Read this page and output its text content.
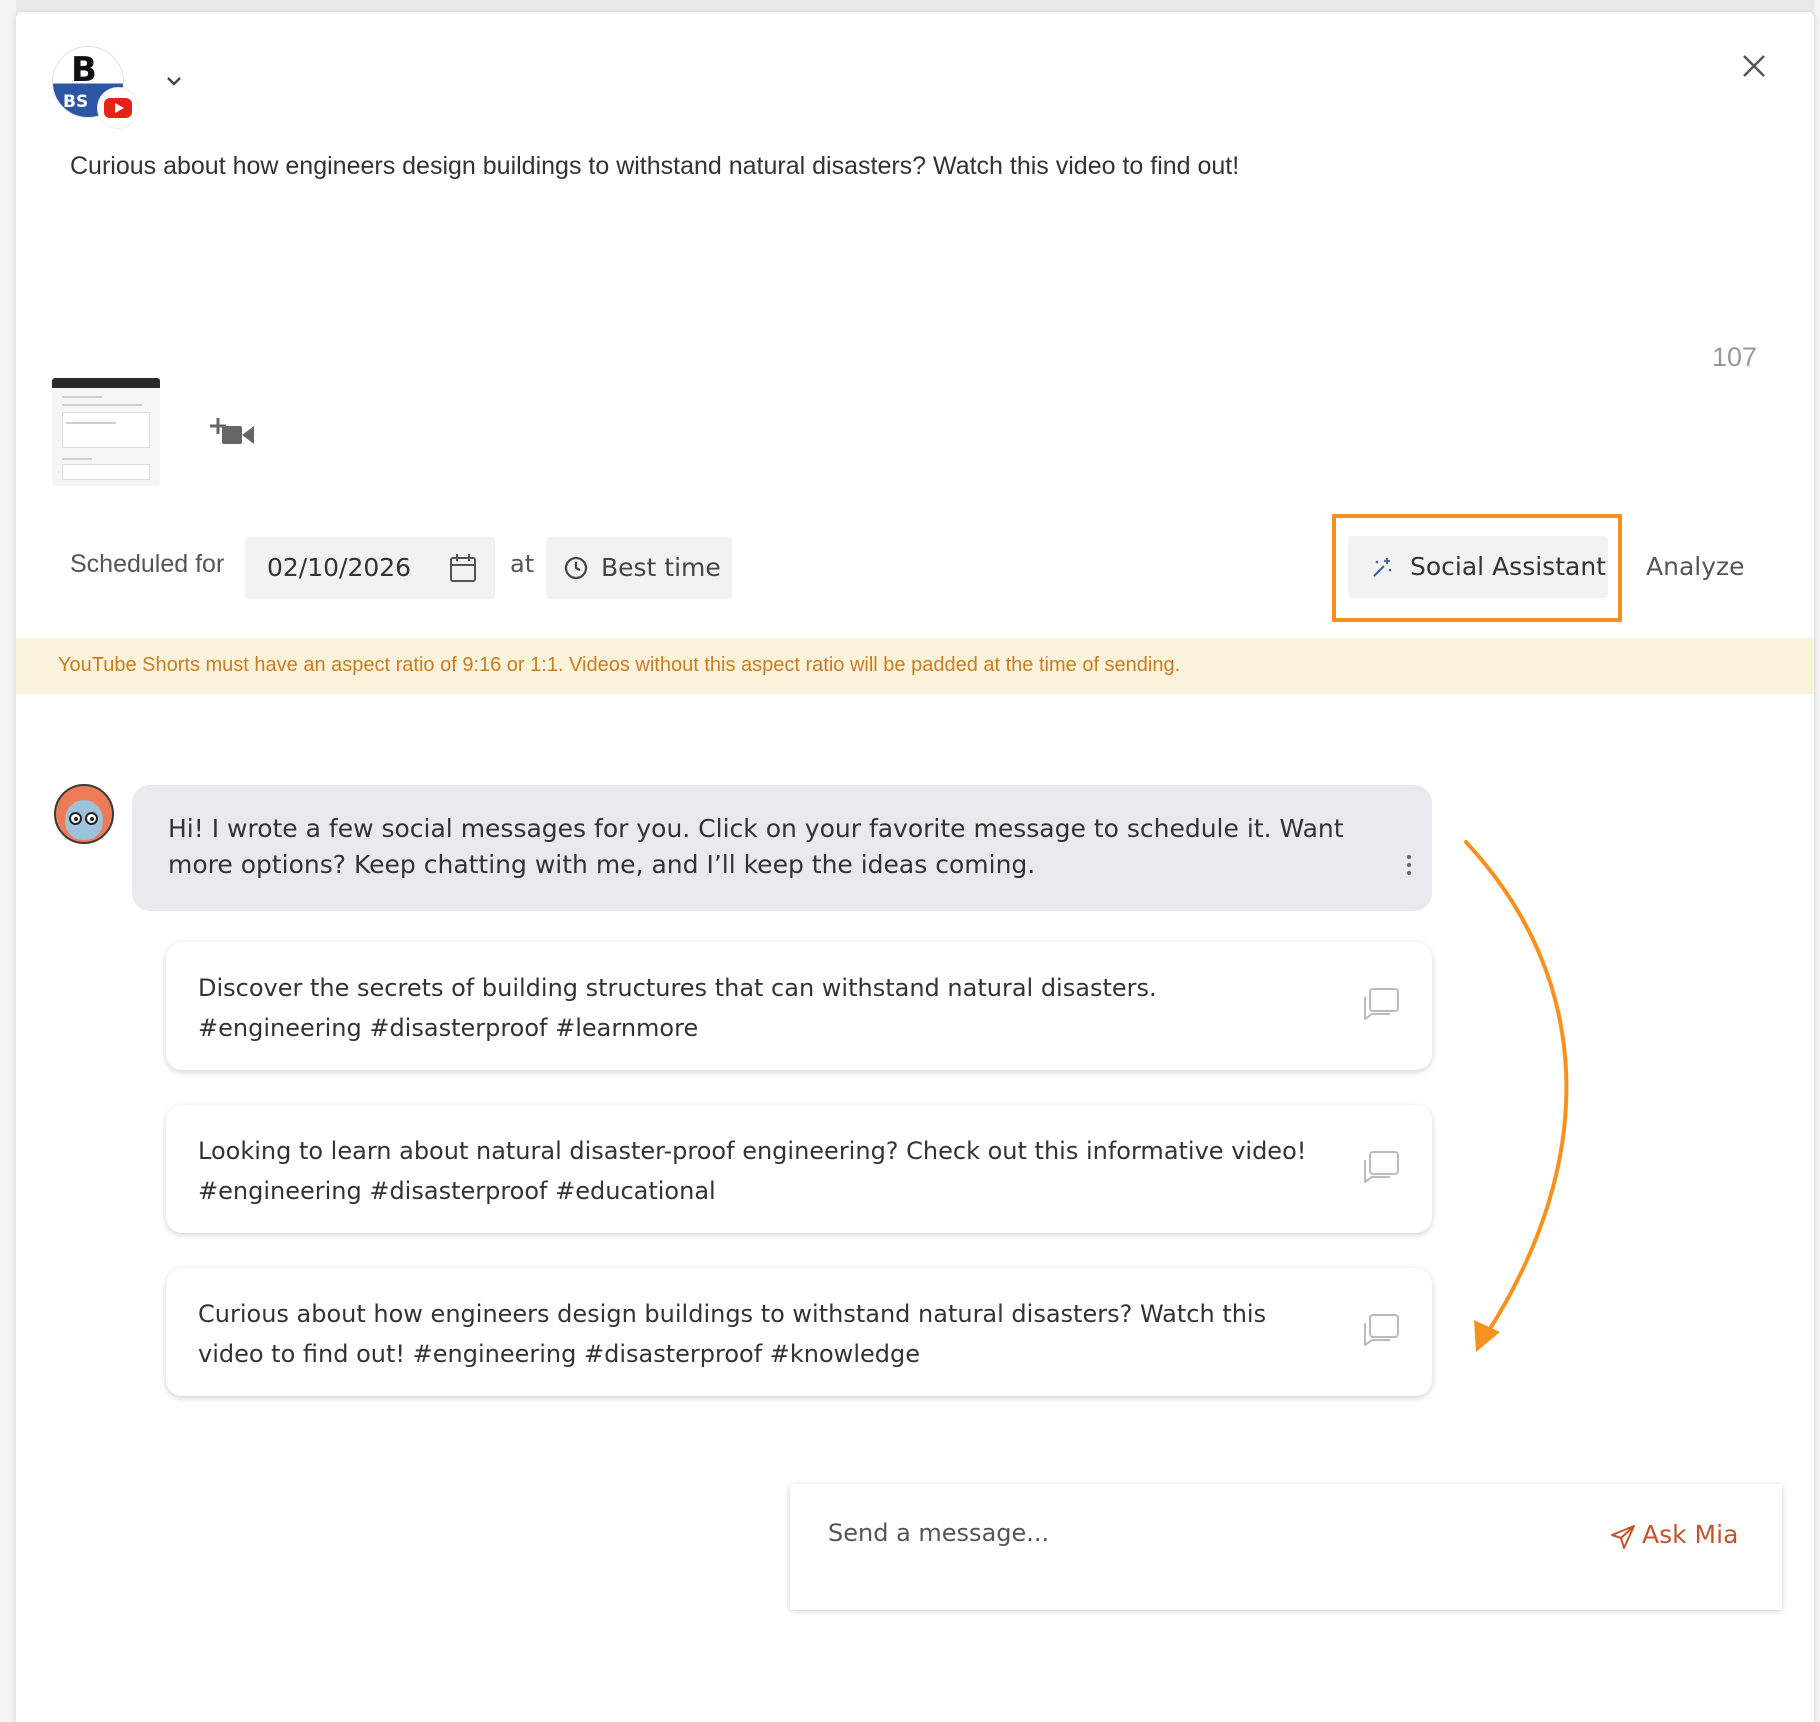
B
BS
Curious about how engineers design buildings to withstand natural disasters? Watch this video to find out!
107
Scheduled for 02/10/2026	at	Best time	Social Assistant Analyze
YouTube Shorts must have an aspect ratio of 9:16 or 1:1. Videos without this aspect ratio will be padded at the time of sending.
Hi! I wrote a few social messages for you. Click on your favorite message to schedule it. Want more options? Keep chatting with me, and I’ll keep the ideas coming.
Discover the secrets of building structures that can withstand natural disasters. #engineering #disasterproof #learnmore
Looking to learn about natural disaster-proof engineering? Check out this informative video! #engineering #disasterproof #educational
Curious about how engineers design buildings to withstand natural disasters? Watch this video to find out! #engineering #disasterproof #knowledge
Send a message...
Ask Mia
